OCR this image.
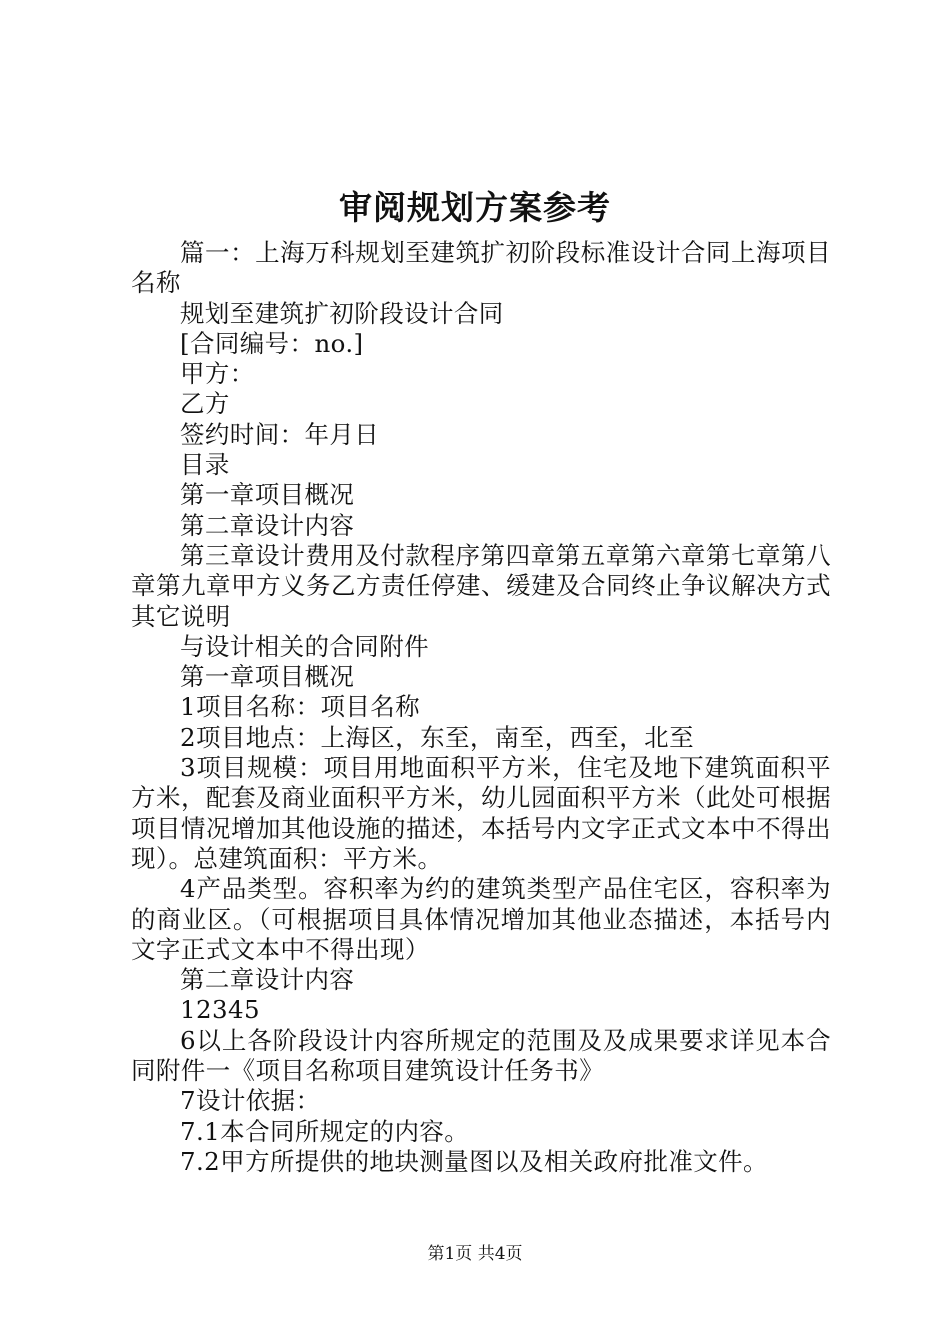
审阅规划方案参考

篇一：上海万科规划至建筑扩初阶段标准设计合同上海项目名称

规划至建筑扩初阶段设计合同

[合同编号：no.]

甲方：

乙方

签约时间：年月日

目录

第一章项目概况

第二章设计内容

第三章设计费用及付款程序第四章第五章第六章第七章第八章第九章甲方义务乙方责任停建、缓建及合同终止争议解决方式其它说明

与设计相关的合同附件

第一章项目概况

1项目名称：项目名称

2项目地点：上海区，东至，南至，西至，北至

3项目规模：项目用地面积平方米，住宅及地下建筑面积平方米，配套及商业面积平方米，幼儿园面积平方米（此处可根据项目情况增加其他设施的描述，本括号内文字正式文本中不得出现）。总建筑面积：平方米。

4产品类型。容积率为约的建筑类型产品住宅区，容积率为的商业区。（可根据项目具体情况增加其他业态描述，本括号内文字正式文本中不得出现）

第二章设计内容

12345

6以上各阶段设计内容所规定的范围及及成果要求详见本合同附件一《项目名称项目建筑设计任务书》

7设计依据：

7.1本合同所规定的内容。

7.2甲方所提供的地块测量图以及相关政府批准文件。

第1页 共4页
